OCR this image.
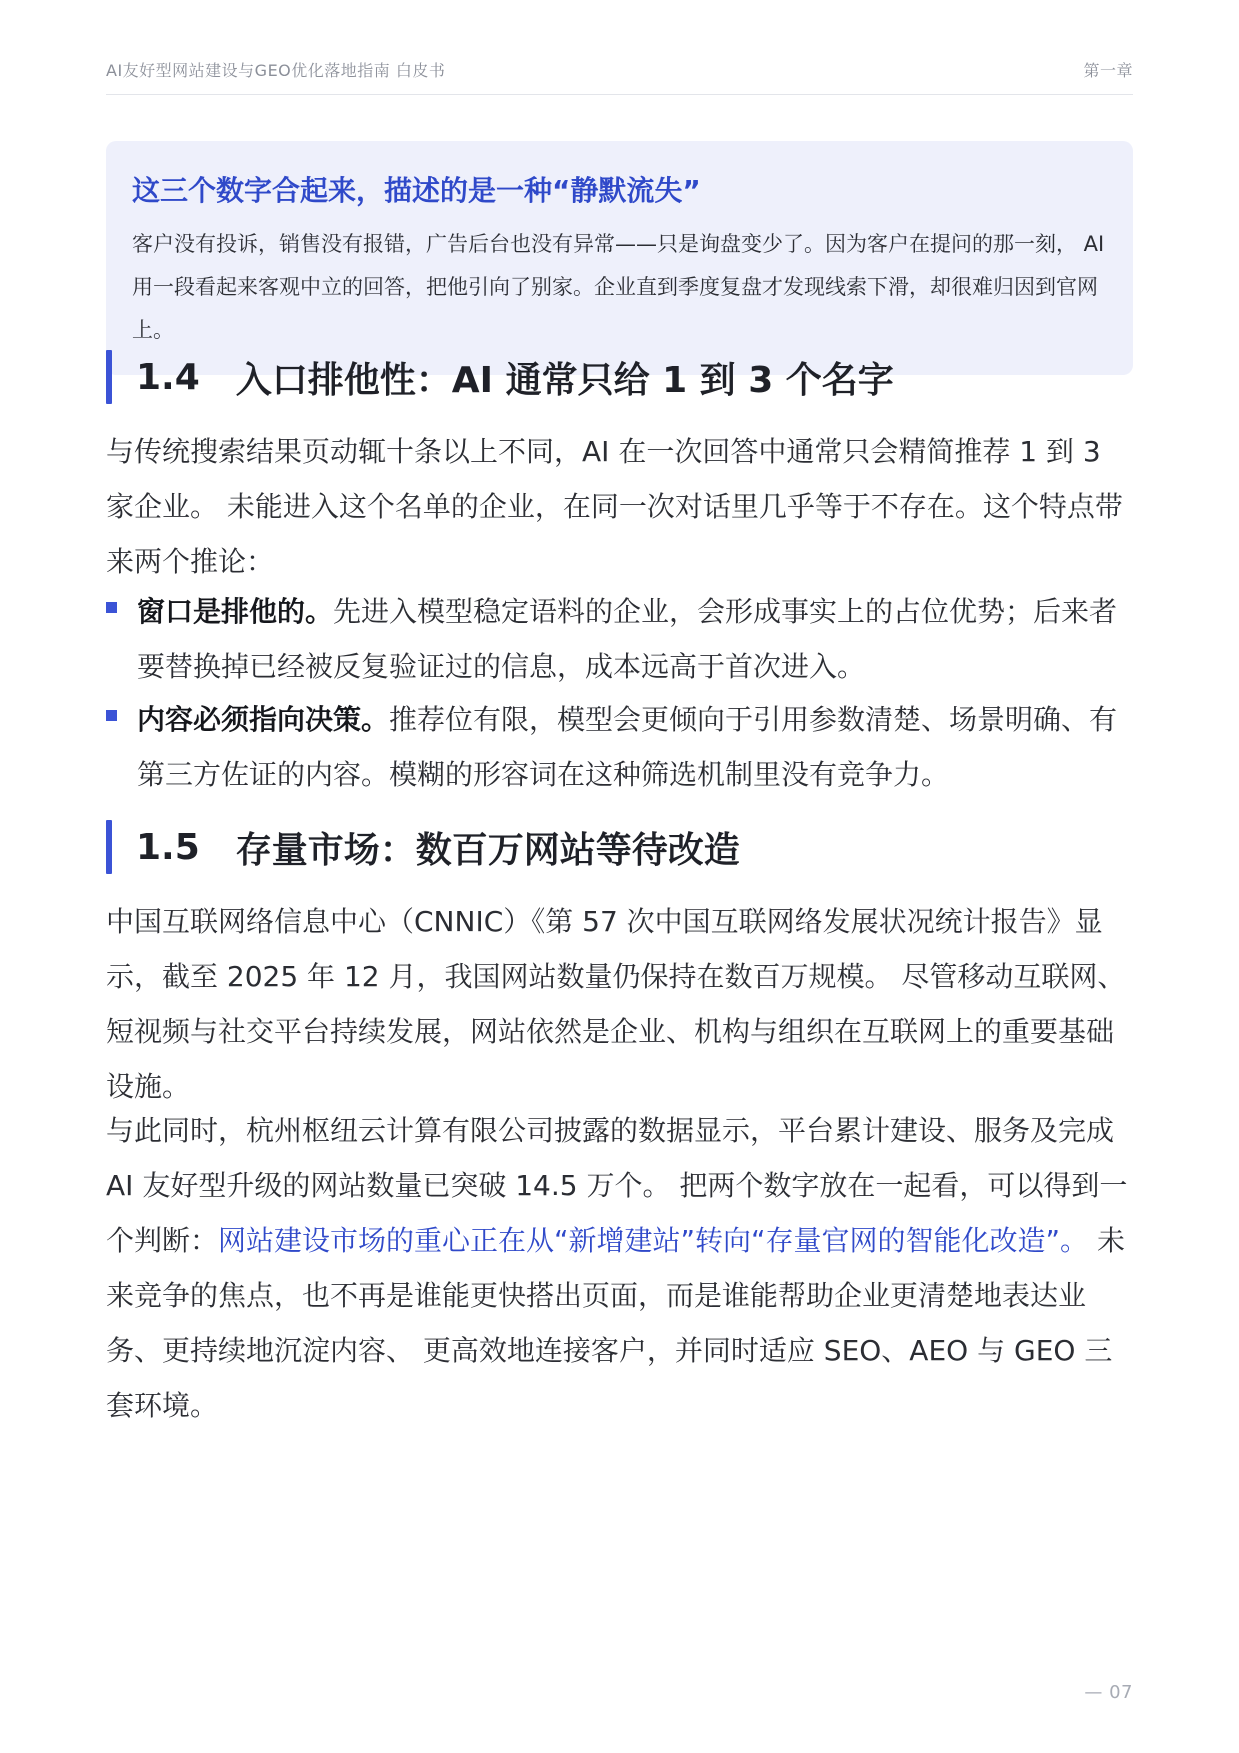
AI友好型网站建设与GEO优化落地指南 白皮书	第一章

这三个数字合起来，描述的是一种“静默流失”

客户没有投诉，销售没有报错，广告后台也没有异常——只是询盘变少了。因为客户在提问的那一刻， AI 用一段看起来客观中立的回答，把他引向了别家。企业直到季度复盘才发现线索下滑，却很难归因到官网上。

1.4 入口排他性：AI 通常只给 1 到 3 个名字

与传统搜索结果页动辄十条以上不同，AI 在一次回答中通常只会精简推荐 1 到 3 家企业。 未能进入这个名单的企业，在同一次对话里几乎等于不存在。这个特点带来两个推论：

窗口是排他的。先进入模型稳定语料的企业，会形成事实上的占位优势；后来者要替换掉已经被反复验证过的信息，成本远高于首次进入。
内容必须指向决策。推荐位有限，模型会更倾向于引用参数清楚、场景明确、有第三方佐证的内容。模糊的形容词在这种筛选机制里没有竞争力。
1.5 存量市场：数百万网站等待改造

中国互联网络信息中心（CNNIC）《第 57 次中国互联网络发展状况统计报告》显示，截至 2025 年 12 月，我国网站数量仍保持在数百万规模。 尽管移动互联网、短视频与社交平台持续发展，网站依然是企业、机构与组织在互联网上的重要基础设施。

与此同时，杭州枢纽云计算有限公司披露的数据显示，平台累计建设、服务及完成 AI 友好型升级的网站数量已突破 14.5 万个。 把两个数字放在一起看，可以得到一个判断：网站建设市场的重心正在从“新增建站”转向“存量官网的智能化改造”。 未来竞争的焦点，也不再是谁能更快搭出页面，而是谁能帮助企业更清楚地表达业务、更持续地沉淀内容、 更高效地连接客户，并同时适应 SEO、AEO 与 GEO 三套环境。

— 07
